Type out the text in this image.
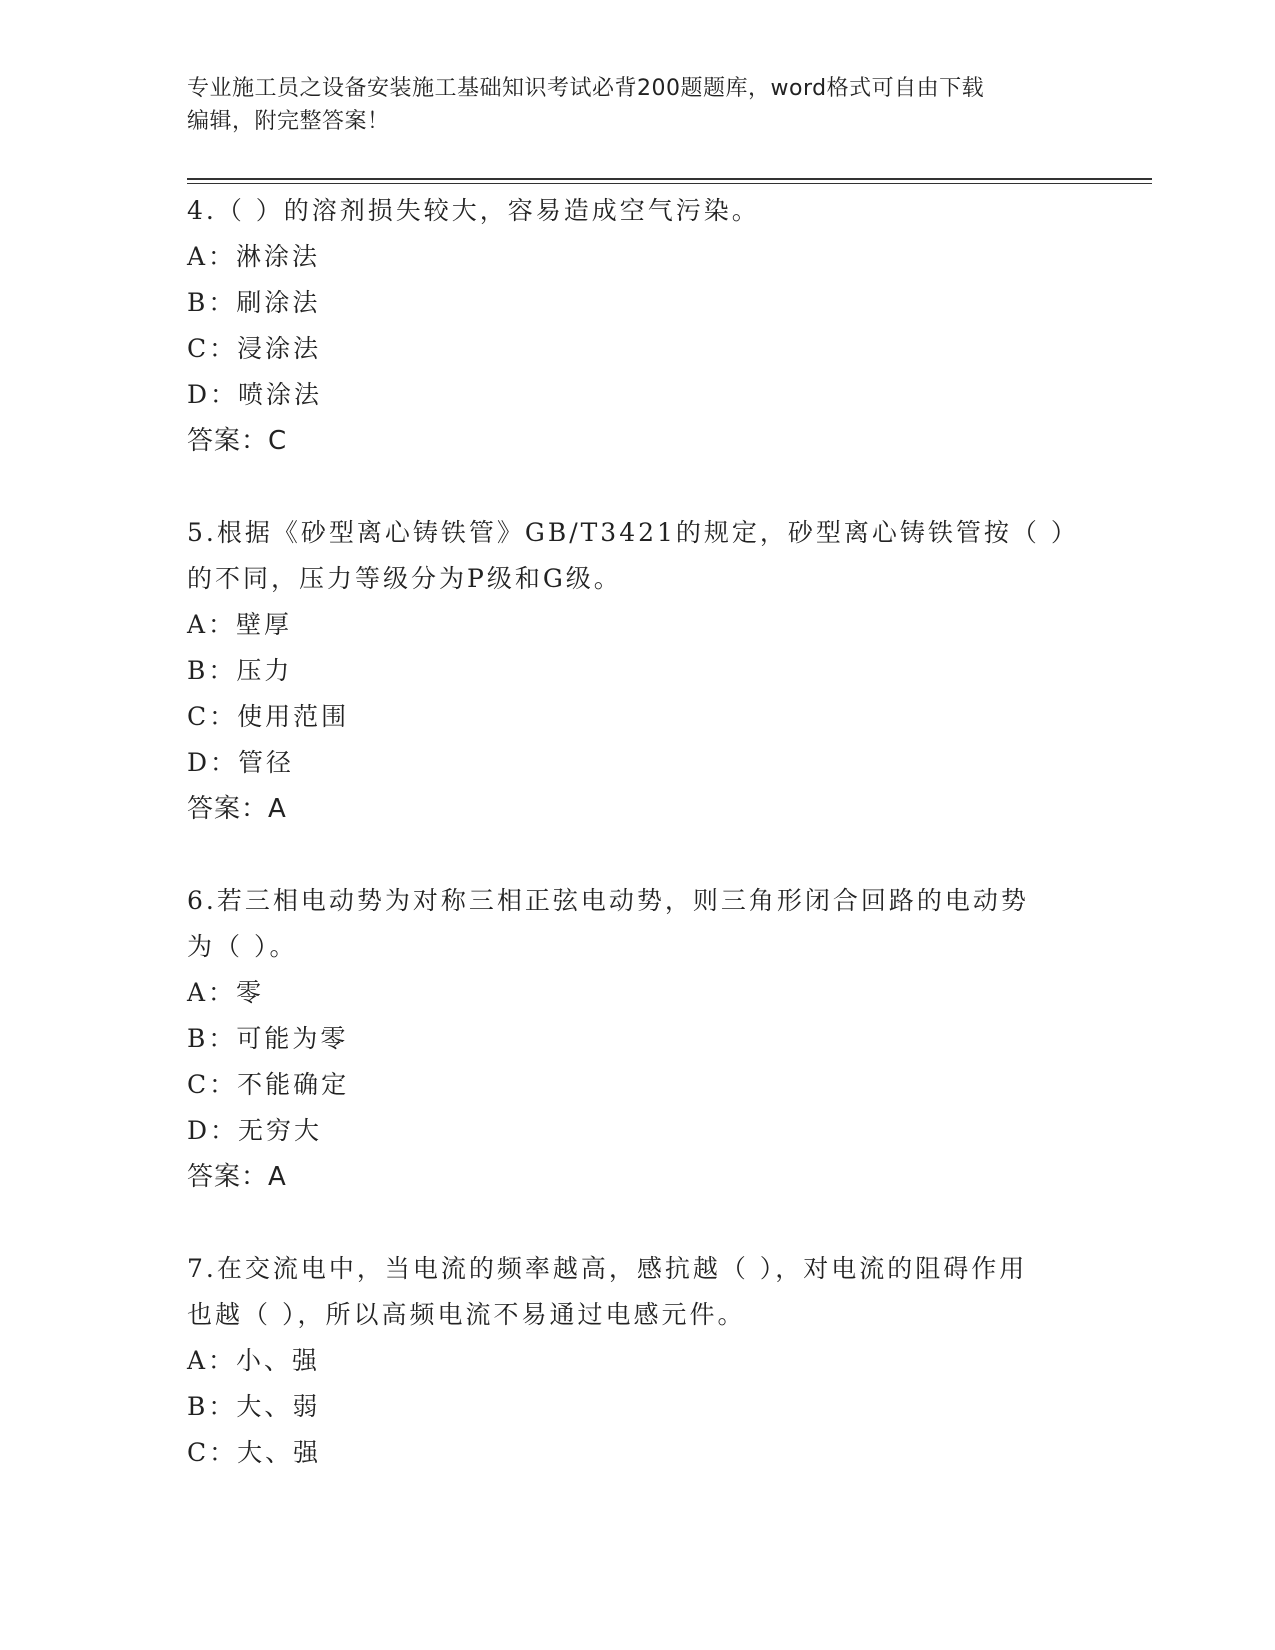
专业施工员之设备安装施工基础知识考试必背200题题库，word格式可自由下载
编辑，附完整答案！
4.（ ）的溶剂损失较大，容易造成空气污染。
A：淋涂法
B：刷涂法
C：浸涂法
D：喷涂法
答案：C
5.根据《砂型离心铸铁管》GB/T3421的规定，砂型离心铸铁管按（ ）
的不同，压力等级分为P级和G级。
A：壁厚
B：压力
C：使用范围
D：管径
答案：A
6.若三相电动势为对称三相正弦电动势，则三角形闭合回路的电动势
为（ ）。
A：零
B：可能为零
C：不能确定
D：无穷大
答案：A
7.在交流电中，当电流的频率越高，感抗越（ ），对电流的阻碍作用
也越（ ），所以高频电流不易通过电感元件。
A：小、强
B：大、弱
C：大、强
